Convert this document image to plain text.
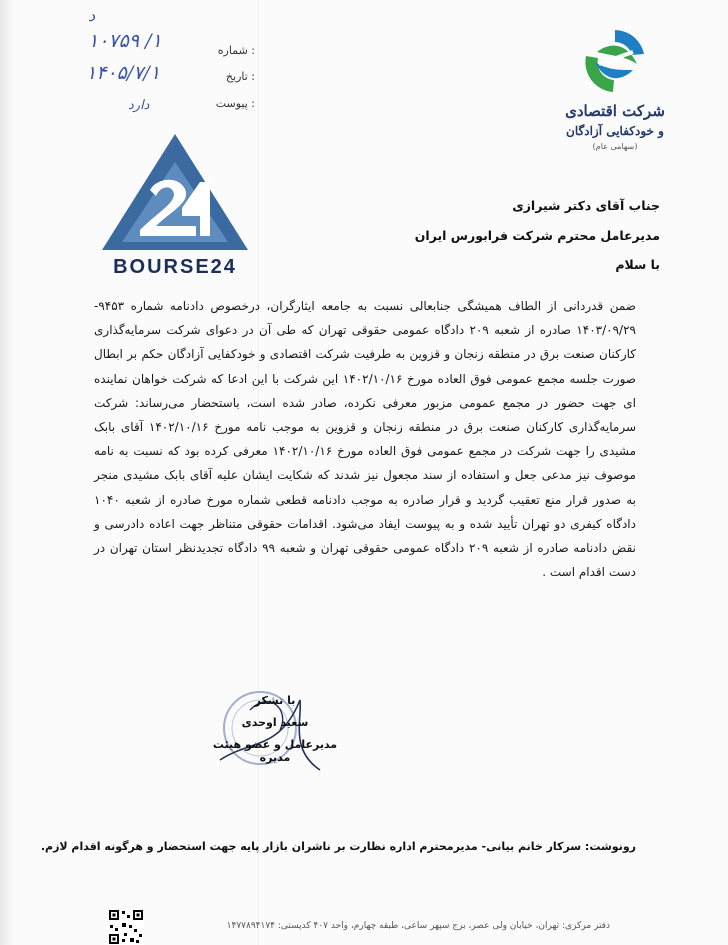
د
۱۰۷۵۹ /۱
۱۴۰۵/۷/۱
دارد
: شماره
: تاریخ
: پیوست	شرکت اقتصادی
و خودکفایی آزادگان
(سهامی عام)
BOURSE24
جناب آقای دکتر شیرازی
مدیرعامل محترم شرکت فرابورس ایران
با سلام
ضمن قدردانی از الطاف همیشگی جنابعالی نسبت به جامعه ایثارگران، درخصوص دادنامه شماره ۹۴۵۳-
۱۴۰۳/۰۹/۲۹ صادره از شعبه ۲۰۹ دادگاه عمومی حقوقی تهران که طی آن در دعوای شرکت سرمایه‌گذاری
کارکنان صنعت برق در منطقه زنجان و قزوین به طرفیت شرکت اقتصادی و خودکفایی آزادگان حکم بر ابطال
صورت جلسه مجمع عمومی فوق العاده مورخ ۱۴۰۲/۱۰/۱۶ این شرکت با این ادعا که شرکت خواهان نماینده
ای جهت حضور در مجمع عمومی مزبور معرفی نکرده، صادر شده است، باستحضار می‌رساند: شرکت
سرمایه‌گذاری کارکنان صنعت برق در منطقه زنجان و قزوین به موجب نامه مورخ ۱۴۰۲/۱۰/۱۶ آقای بابک
مشیدی را جهت شرکت در مجمع عمومی فوق العاده مورخ ۱۴۰۲/۱۰/۱۶ معرفی کرده بود که نسبت به نامه
موصوف نیز مدعی جعل و استفاده از سند مجعول نیز شدند که شکایت ایشان علیه آقای بابک مشیدی منجر
به صدور قرار منع تعقیب گردید و قرار صادره به موجب دادنامه قطعی شماره مورخ صادره از شعبه ۱۰۴۰
دادگاه کیفری دو تهران تأیید شده و به پیوست ایفاد می‌شود. اقدامات حقوقی متناظر جهت اعاده دادرسی و
نقض دادنامه صادره از شعبه ۲۰۹ دادگاه عمومی حقوقی تهران و شعبه ۹۹ دادگاه تجدیدنظر استان تهران در
دست اقدام است .
با تشکر
سعید اوحدی
مدیرعامل و عضو هیئت مدیره
رونوشت: سرکار خانم بیانی- مدیرمحترم اداره نظارت بر ناشران بازار پایه جهت استحضار و هرگونه اقدام لازم.
دفتر مرکزی: تهران، خیابان ولی عصر، برج سپهر ساعی، طبقه چهارم، واحد ۴۰۷ کدپستی: ۱۴۷۷۸۹۴۱۷۴
